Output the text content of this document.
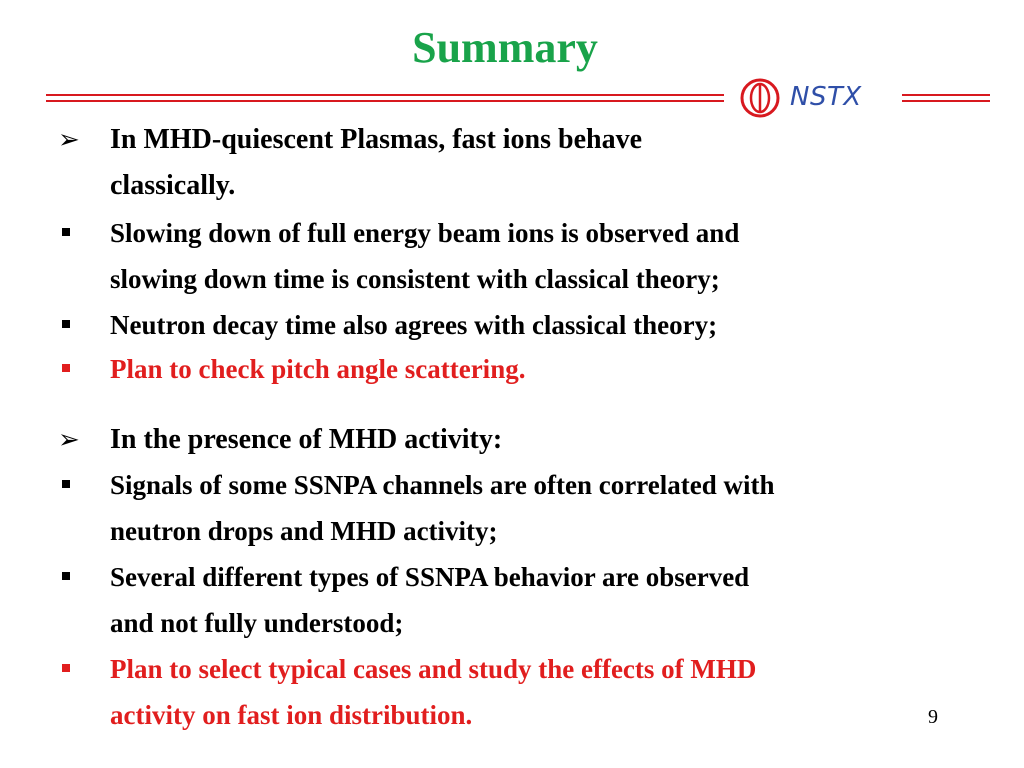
Summary
NSTX
➢ In MHD-quiescent Plasmas, fast ions behave
classically.
Slowing down of full energy beam ions is observed and
slowing down time is consistent with classical theory;
Neutron decay time also agrees with classical theory;
Plan to check pitch angle scattering.
➢ In the presence of MHD activity:
Signals of some SSNPA channels are often correlated with
neutron drops and MHD activity;
Several different types of SSNPA behavior are observed
and not fully understood;
Plan to select typical cases and study the effects of MHD
activity on fast ion distribution.	9
